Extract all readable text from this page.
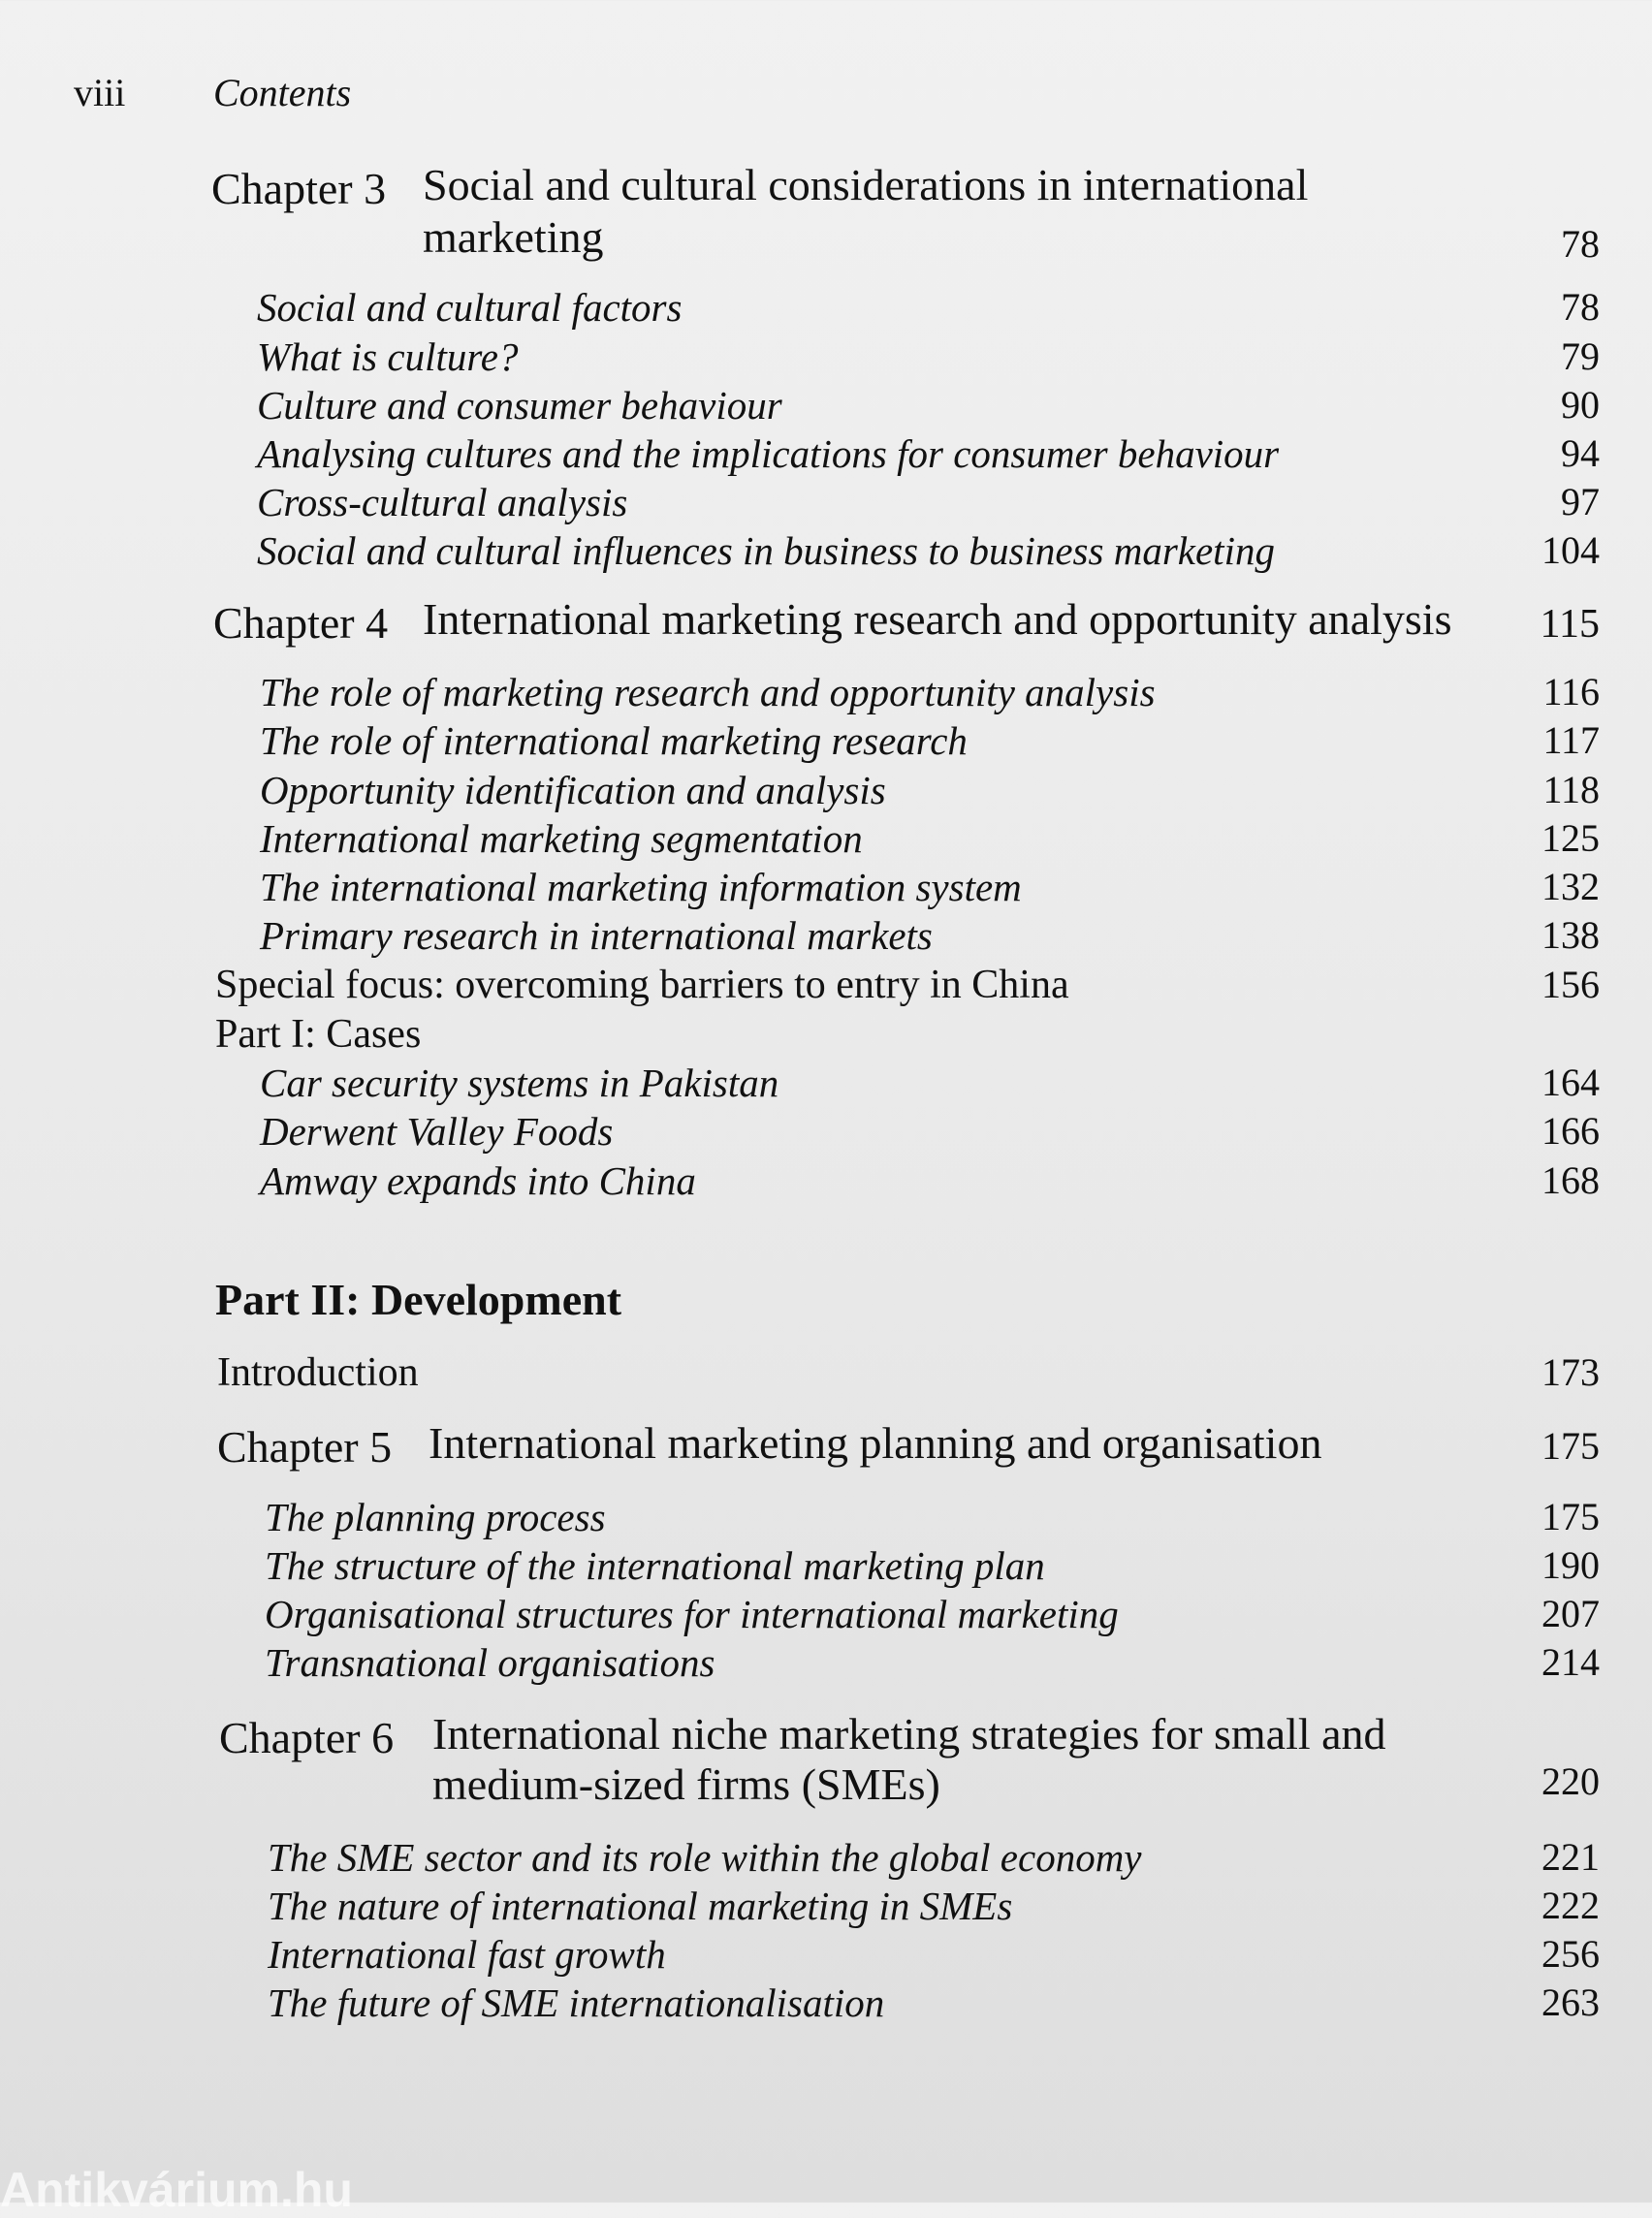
viii Contents
Chapter 3 Social and cultural considerations in international
marketing	78
Social and cultural factors	78
What is culture?	79
Culture and consumer behaviour	90
Analysing cultures and the implications for consumer behaviour	94
Cross-cultural analysis	97
Social and cultural influences in business to business marketing	104
Chapter 4 International marketing research and opportunity analysis 115
The role of marketing research and opportunity analysis	116
The role of international marketing research	117
Opportunity identification and analysis	118
International marketing segmentation	125
The international marketing information system	132
Primary research in international markets	138
Special focus: overcoming barriers to entry in China	156
Part I: Cases
Car security systems in Pakistan	164
Derwent Valley Foods	166
Amway expands into China	168
Part II: Development
Introduction	173
Chapter 5 International marketing planning and organisation	175
The planning process	175
The structure of the international marketing plan	190
Organisational structures for international marketing	207
Transnational organisations	214
Chapter 6 International niche marketing strategies for small and
medium-sized firms (SMEs)	220
The SME sector and its role within the global economy	221
The nature of international marketing in SMEs	222
International fast growth	256
The future of SME internationalisation	263
Antikvárium.hu
